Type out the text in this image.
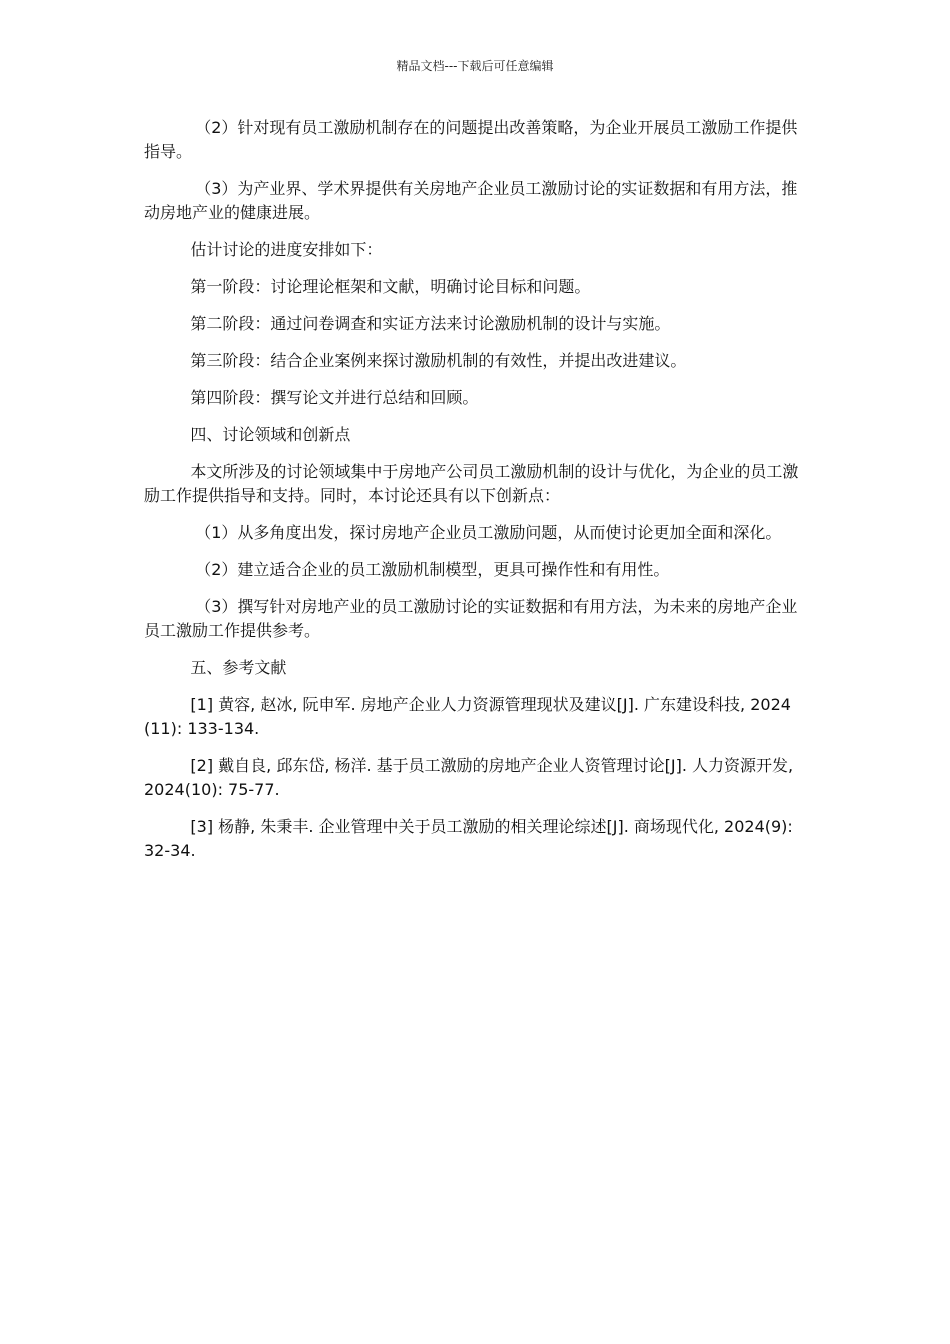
精品文档---下载后可任意编辑

（2）针对现有员工激励机制存在的问题提出改善策略，为企业开展员工激励工作提供指导。

（3）为产业界、学术界提供有关房地产企业员工激励讨论的实证数据和有用方法，推动房地产业的健康进展。

估计讨论的进度安排如下：

第一阶段：讨论理论框架和文献，明确讨论目标和问题。

第二阶段：通过问卷调查和实证方法来讨论激励机制的设计与实施。

第三阶段：结合企业案例来探讨激励机制的有效性，并提出改进建议。

第四阶段：撰写论文并进行总结和回顾。

四、讨论领域和创新点

本文所涉及的讨论领域集中于房地产公司员工激励机制的设计与优化，为企业的员工激励工作提供指导和支持。同时，本讨论还具有以下创新点：

（1）从多角度出发，探讨房地产企业员工激励问题，从而使讨论更加全面和深化。

（2）建立适合企业的员工激励机制模型，更具可操作性和有用性。

（3）撰写针对房地产业的员工激励讨论的实证数据和有用方法，为未来的房地产企业员工激励工作提供参考。

五、参考文献

[1] 黄容, 赵冰, 阮申军. 房地产企业人力资源管理现状及建议[J]. 广东建设科技, 2024(11): 133-134.

[2] 戴自良, 邱东岱, 杨洋. 基于员工激励的房地产企业人资管理讨论[J]. 人力资源开发, 2024(10): 75-77.

[3] 杨静, 朱秉丰. 企业管理中关于员工激励的相关理论综述[J]. 商场现代化, 2024(9): 32-34.
